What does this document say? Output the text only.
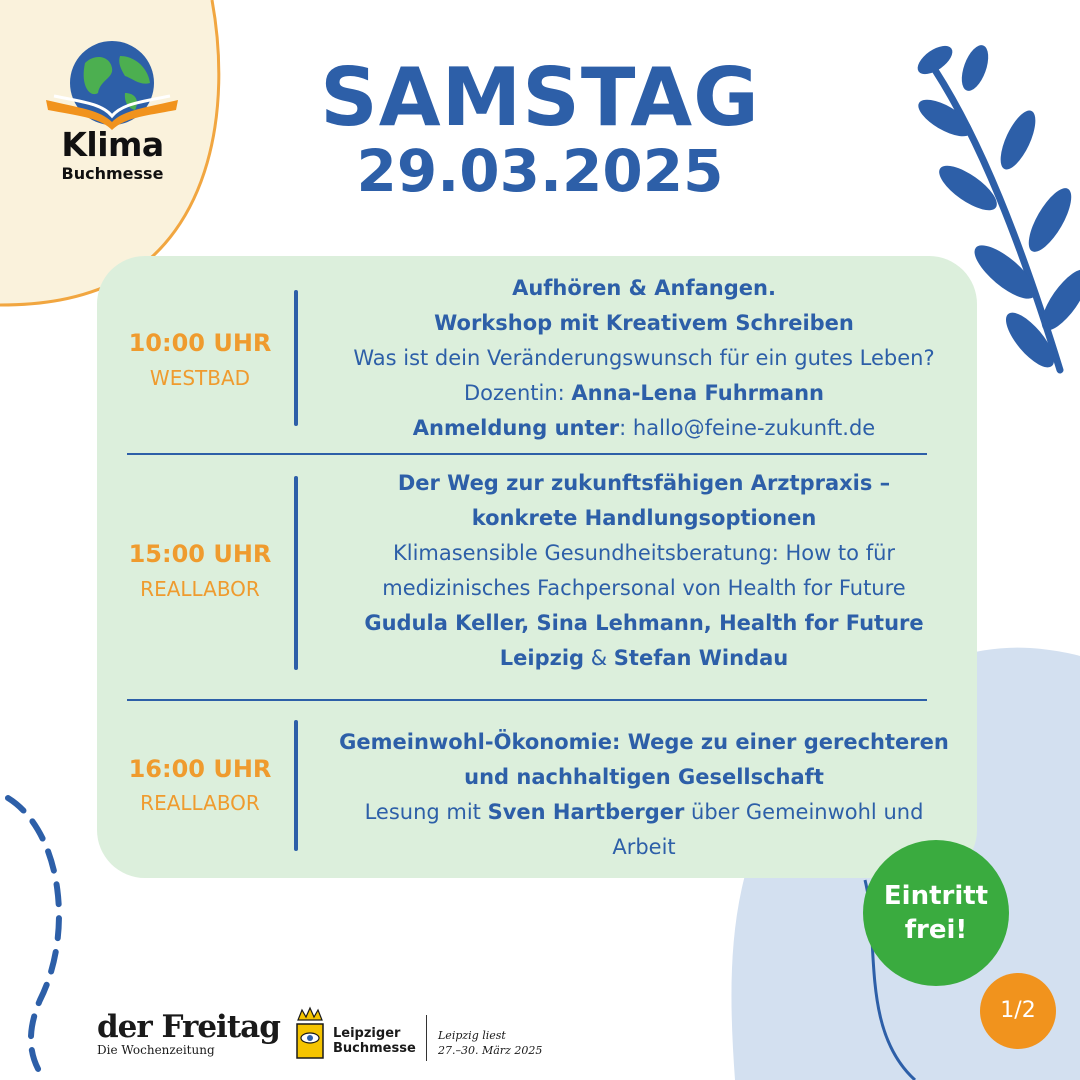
Klima
Buchmesse
SAMSTAG
29.03.2025
10:00 UHR
WESTBAD
Aufhören & Anfangen.
Workshop mit Kreativem Schreiben
Was ist dein Veränderungswunsch für ein gutes Leben?
Dozentin: Anna-Lena Fuhrmann
Anmeldung unter: hallo@feine-zukunft.de
15:00 UHR
REALLABOR
Der Weg zur zukunftsfähigen Arztpraxis –
konkrete Handlungsoptionen
Klimasensible Gesundheitsberatung: How to für
medizinisches Fachpersonal von Health for Future
Gudula Keller, Sina Lehmann, Health for Future
Leipzig & Stefan Windau
16:00 UHR
REALLABOR
Gemeinwohl-Ökonomie: Wege zu einer gerechteren
und nachhaltigen Gesellschaft
Lesung mit Sven Hartberger über Gemeinwohl und
Arbeit
Eintritt
frei!
1/2
der Freitag
Die Wochenzeitung
Leipziger
Buchmesse
Leipzig liest
27.–30. März 2025
